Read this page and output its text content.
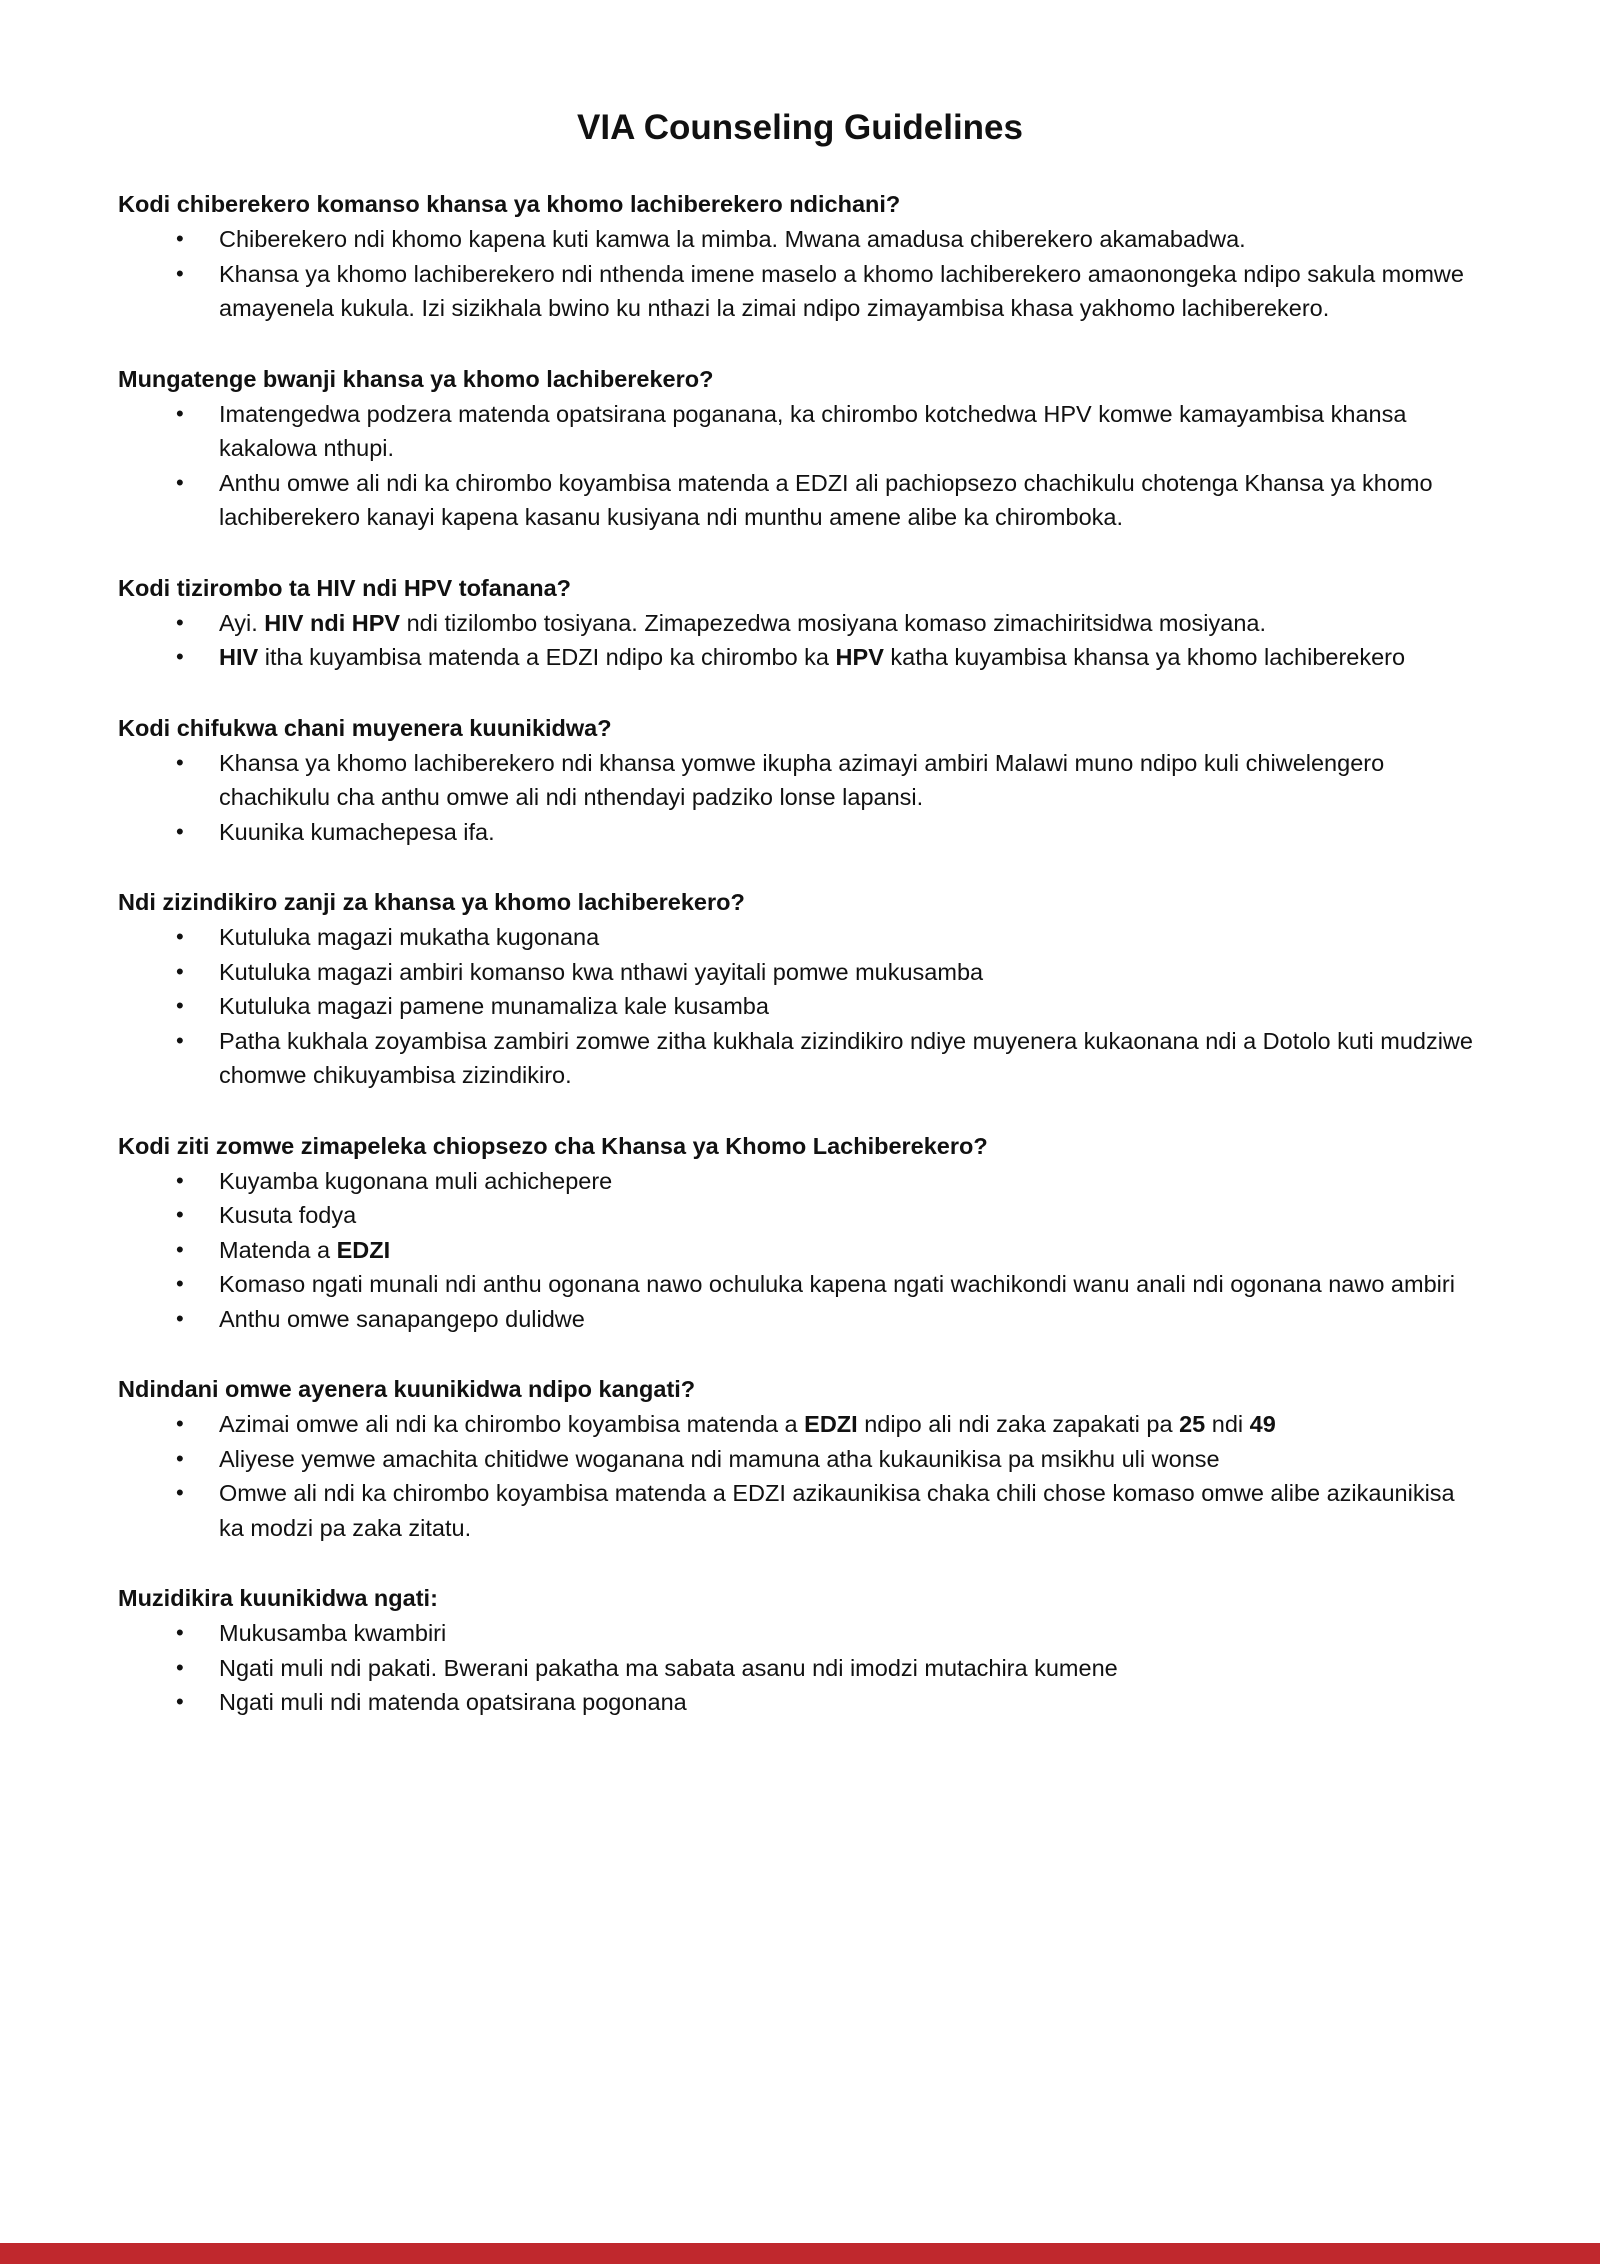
VIA Counseling Guidelines
Kodi chiberekero komanso khansa ya khomo lachiberekero ndichani?
• Chiberekero ndi khomo kapena kuti kamwa la mimba. Mwana amadusa chiberekero akamabadwa.
• Khansa ya khomo lachiberekero ndi nthenda imene maselo a khomo lachiberekero amaonongeka ndipo sakula momwe amayenela kukula. Izi sizikhala bwino ku nthazi la zimai ndipo zimayambisa khasa yakhomo lachiberekero.
Mungatenge bwanji khansa ya khomo lachiberekero?
• Imatengedwa podzera matenda opatsirana poganana, ka chirombo kotchedwa HPV komwe kamayambisa khansa kakalowa nthupi.
• Anthu omwe ali ndi ka chirombo koyambisa matenda a EDZI ali pachiopsezo chachikulu chotenga Khansa ya khomo lachiberekero kanayi kapena kasanu kusiyana ndi munthu amene alibe ka chiromboka.
Kodi tizirombo ta HIV ndi HPV tofanana?
• Ayi. HIV ndi HPV ndi tizilombo tosiyana. Zimapezedwa mosiyana komaso zimachiritsidwa mosiyana.
• HIV itha kuyambisa matenda a EDZI ndipo ka chirombo ka HPV katha kuyambisa khansa ya khomo lachiberekero
Kodi chifukwa chani muyenera kuunikidwa?
• Khansa ya khomo lachiberekero ndi khansa yomwe ikupha azimayi ambiri Malawi muno ndipo kuli chiwelengero chachikulu cha anthu omwe ali ndi nthendayi padziko lonse lapansi.
• Kuunika kumachepesa ifa.
Ndi zizindikiro zanji za khansa ya khomo lachiberekero?
• Kutuluka magazi mukatha kugonana
• Kutuluka magazi ambiri komanso kwa nthawi yayitali pomwe mukusamba
• Kutuluka magazi pamene munamaliza kale kusamba
• Patha kukhala zoyambisa zambiri zomwe zitha kukhala zizindikiro ndiye muyenera kukaonana ndi a Dotolo kuti mudziwe chomwe chikuyambisa zizindikiro.
Kodi ziti zomwe zimapeleka chiopsezo cha Khansa ya Khomo Lachiberekero?
• Kuyamba kugonana muli achichepere
• Kusuta fodya
• Matenda a EDZI
• Komaso ngati munali ndi anthu ogonana nawo ochuluka kapena ngati wachikondi wanu anali ndi ogonana nawo ambiri
• Anthu omwe sanapangepo dulidwe
Ndindani omwe ayenera kuunikidwa ndipo kangati?
• Azimai omwe ali ndi ka chirombo koyambisa matenda a EDZI ndipo ali ndi zaka zapakati pa 25 ndi 49
• Aliyese yemwe amachita chitidwe woganana ndi mamuna atha kukaunikisa pa msikhu uli wonse
• Omwe ali ndi ka chirombo koyambisa matenda a EDZI azikaunikisa chaka chili chose komaso omwe alibe azikaunikisa ka modzi pa zaka zitatu.
Muzidikira kuunikidwa ngati:
• Mukusamba kwambiri
• Ngati muli ndi pakati. Bwerani pakatha ma sabata asanu ndi imodzi mutachira kumene
• Ngati muli ndi matenda opatsirana pogonana
